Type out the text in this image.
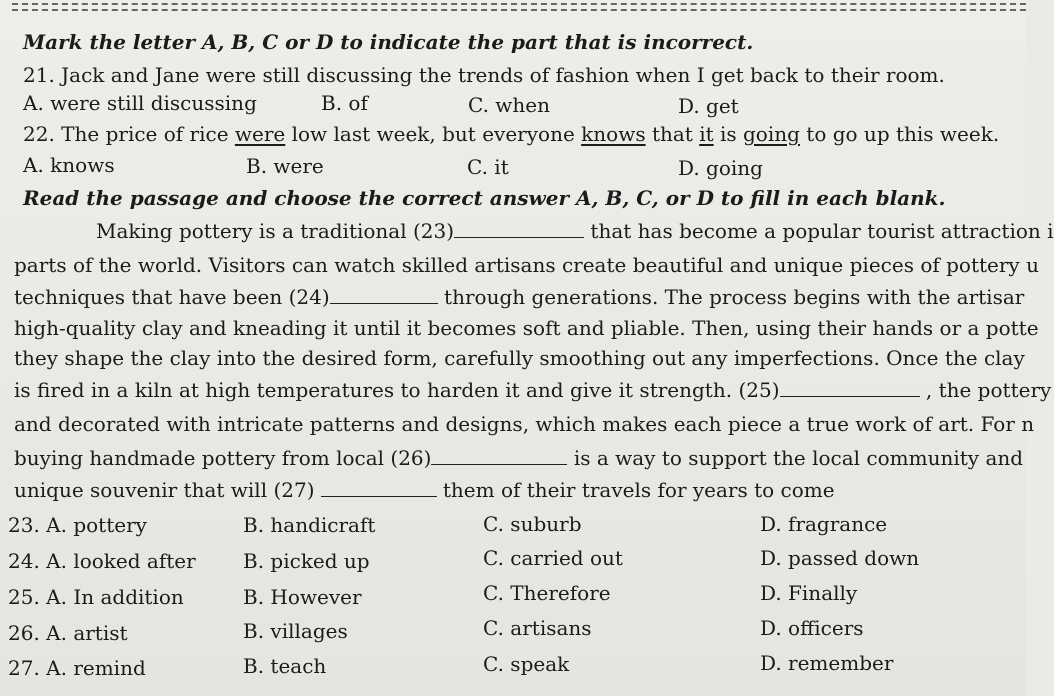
Mark the letter A, B, C or D to indicate the part that is incorrect.
21. Jack and Jane were still discussing the trends of fashion when I get back to their room.
A. were still discussing	B. of	C. when	D. get
22. The price of rice were low last week, but everyone knows that it is going to go up this week.
A. knows	B. were	C. it	D. going
Read the passage and choose the correct answer A, B, C, or D to fill in each blank.
Making pottery is a traditional (23)	that has become a popular tourist attraction i
parts of the world. Visitors can watch skilled artisans create beautiful and unique pieces of pottery u
techniques that have been (24)	through generations. The process begins with the artisar
high-quality clay and kneading it until it becomes soft and pliable. Then, using their hands or a potte
they shape the clay into the desired form, carefully smoothing out any imperfections. Once the clay
is fired in a kiln at high temperatures to harden it and give it strength. (25)	, the pottery
and decorated with intricate patterns and designs, which makes each piece a true work of art. For n
buying handmade pottery from local (26)	is a way to support the local community and
unique souvenir that will (27)	them of their travels for years to come
23. A. pottery	B. handicraft	C. suburb	D. fragrance
24. A. looked after B. picked up	C. carried out	D. passed down
25. A. In addition	B. However	C. Therefore	D. Finally
26. A. artist	B. villages	C. artisans	D. officers
27. A. remind	B. teach	C. speak	D. remember
